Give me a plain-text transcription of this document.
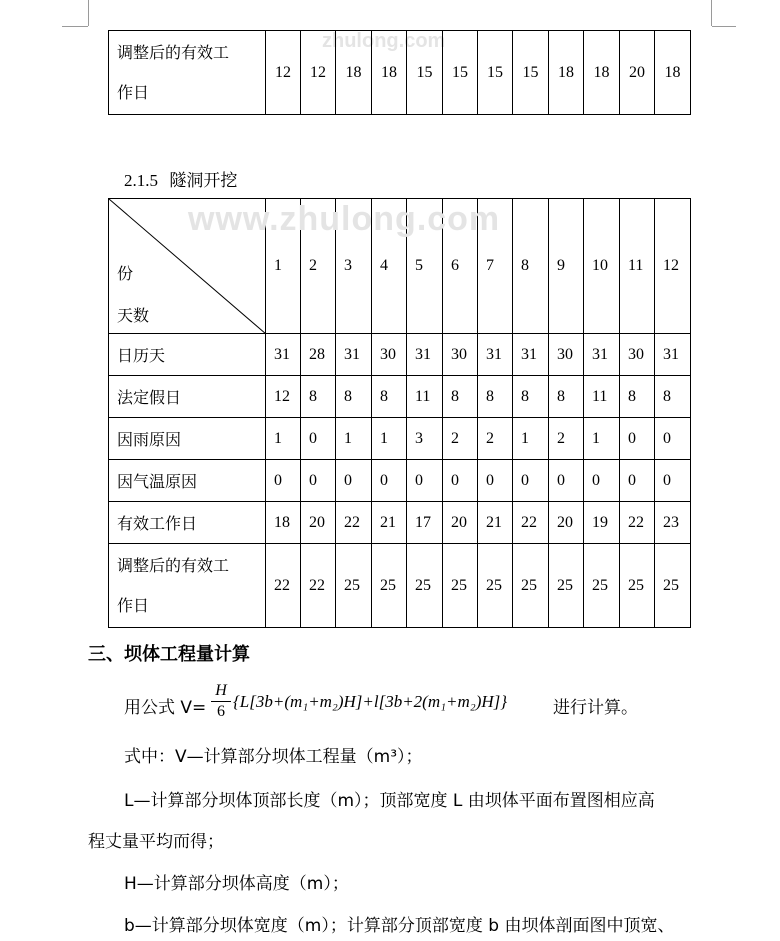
zhulong.com
调整后的有效工
作日
	12	12	18	18	15	15	15	15	18	18	20	18
2.1.5 隧洞开挖
份
天数	1	2	3	4	5	6	7	8	9	10	11	12
日历天	31	28	31	30	31	30	31	31	30	31	30	31
法定假日	12	8	8	8	11	8	8	8	8	11	8	8
因雨原因	1	0	1	1	3	2	2	1	2	1	0	0
因气温原因	0	0	0	0	0	0	0	0	0	0	0	0
有效工作日	18	20	22	21	17	20	21	22	20	19	22	23

调整后的有效工
作日	22	22	25	25	25	25	25	25	25	25	25	25
www.zhulong.com
三、坝体工程量计算
用公式 V=
H
6
{L[3b+(m₁+m₂)H]+l[3b+2(m₁+m₂)H]}	进行计算。
式中：V—计算部分坝体工程量（m³）；
L—计算部分坝体顶部长度（m）；顶部宽度 L 由坝体平面布置图相应高
程丈量平均而得；
H—计算部分坝体高度（m）；
b—计算部分坝体宽度（m）；计算部分顶部宽度 b 由坝体剖面图中顶宽、
